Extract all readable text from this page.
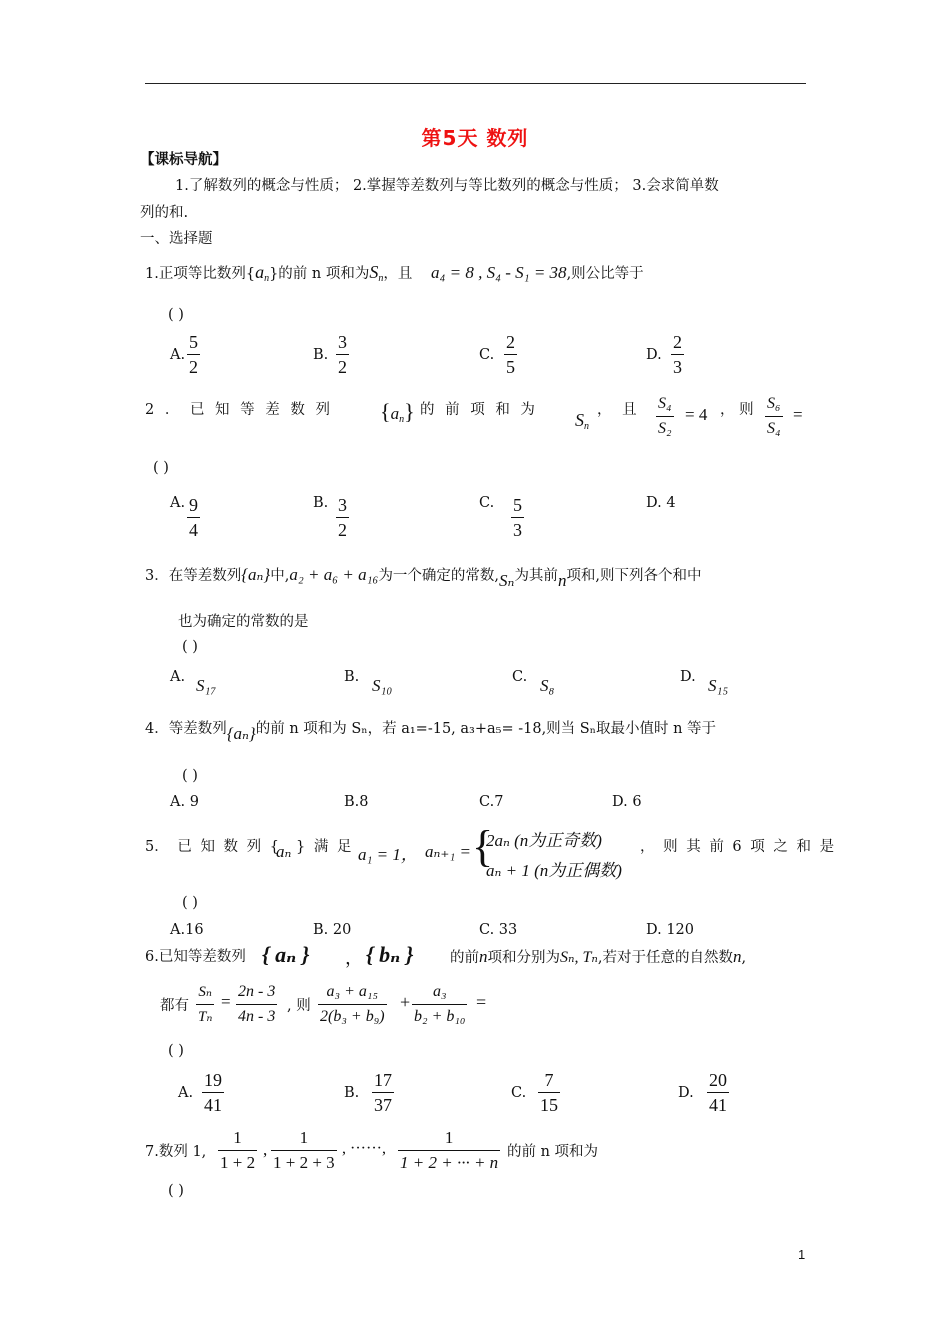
第5天 数列
【课标导航】
1.了解数列的概念与性质； 2.掌握等差数列与等比数列的概念与性质； 3.会求简单数
列的和.
一、选择题
1.正项等比数列$\{a_n\}$的前 n 项和为$S_n$，且 a₄ = 8 , S₄ - S₁ = 38,则公比等于
( )
A.
5
2
B.
3
2
C.
2
5
D.
2
3
2 ． 已 知 等 差 数 列 $\{a_n\}$ 的 前 项 和 为 $S_n$
， 且 S₄
S₂
= 4 ， 则 S₆
S₄
=
( )
A. 9
4
B. 3
2
C. 5
3
D. 4
3．在等差数列{aₙ}中,a₂ + a₆ + a₁₆为一个确定的常数,Sₙ为其前n项和,则下列各个和中
也为确定的常数的是
( )
A. S₁₇	B. S₁₀	C. S₈	D. S₁₅
4．等差数列{aₙ}的前 n 项和为 Sₙ，若 a₁=-15, a₃+a₅= -18,则当 Sₙ取最小值时 n 等于
( )
A. 9	B.8	C.7	D. 6
5． 已 知 数 列 {
aₙ } 满 足 a₁ = 1， aₙ₊₁ = {
2aₙ (n为正奇数)
aₙ + 1 (n为正偶数)
， 则 其 前 6 项 之 和 是
( )
A.16	B. 20	C. 33	D. 120
6.已知等差数列 { aₙ } ， { bₙ }	的前n项和分别为Sₙ, Tₙ,若对于任意的自然数n,
都有
Sₙ
Tₙ
=
2n - 3
4n - 3
, 则
a₃ + a₁₅
2(b₃ + b₉)
+
a₃
b₂ + b₁₀
=
( )
A.
19
41
B.
17
37
C.
7
15
D.
20
41
7.数列 1,
1
1 + 2
,
1
1 + 2 + 3
, ······,
1
1 + 2 + ··· + n
的前 n 项和为
( )
1
